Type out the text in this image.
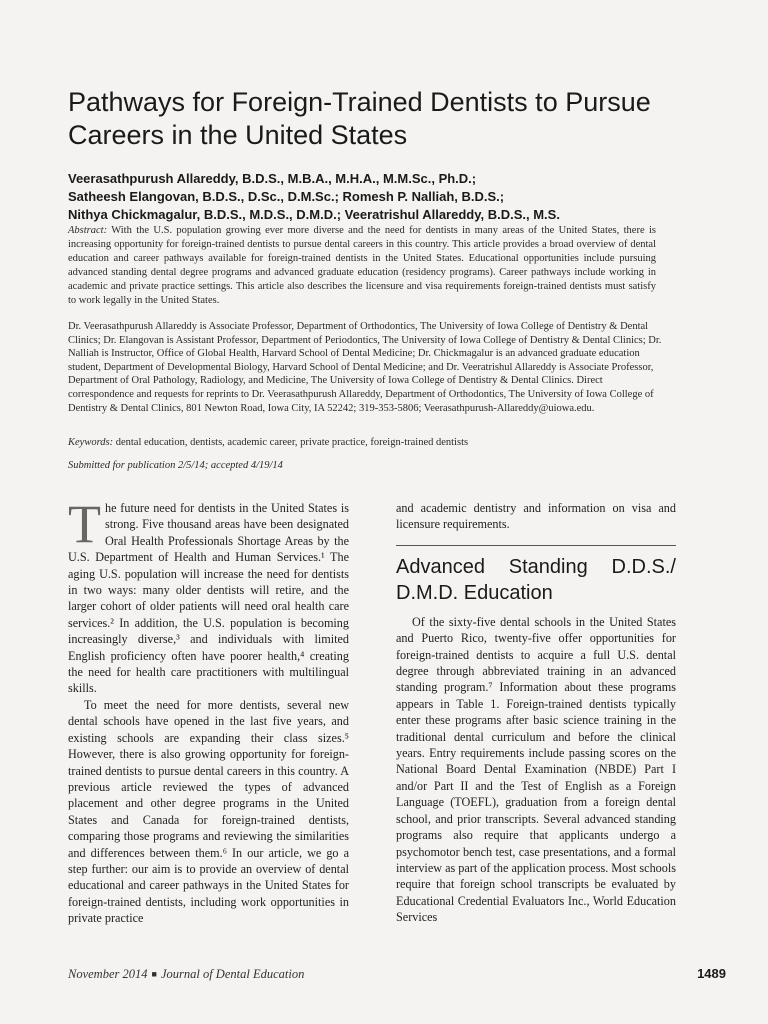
Pathways for Foreign-Trained Dentists to Pursue Careers in the United States
Veerasathpurush Allareddy, B.D.S., M.B.A., M.H.A., M.M.Sc., Ph.D.;
Satheesh Elangovan, B.D.S., D.Sc., D.M.Sc.; Romesh P. Nalliah, B.D.S.;
Nithya Chickmagalur, B.D.S., M.D.S., D.M.D.; Veeratrishul Allareddy, B.D.S., M.S.
Abstract: With the U.S. population growing ever more diverse and the need for dentists in many areas of the United States, there is increasing opportunity for foreign-trained dentists to pursue dental careers in this country. This article provides a broad overview of dental education and career pathways available for foreign-trained dentists in the United States. Educational opportunities include pursuing advanced standing dental degree programs and advanced graduate education (residency programs). Career pathways include working in academic and private practice settings. This article also describes the licensure and visa requirements foreign-trained dentists must satisfy to work legally in the United States.
Dr. Veerasathpurush Allareddy is Associate Professor, Department of Orthodontics, The University of Iowa College of Dentistry & Dental Clinics; Dr. Elangovan is Assistant Professor, Department of Periodontics, The University of Iowa College of Dentistry & Dental Clinics; Dr. Nalliah is Instructor, Office of Global Health, Harvard School of Dental Medicine; Dr. Chickmagalur is an advanced graduate education student, Department of Developmental Biology, Harvard School of Dental Medicine; and Dr. Veeratrishul Allareddy is Associate Professor, Department of Oral Pathology, Radiology, and Medicine, The University of Iowa College of Dentistry & Dental Clinics. Direct correspondence and requests for reprints to Dr. Veerasathpurush Allareddy, Department of Orthodontics, The University of Iowa College of Dentistry & Dental Clinics, 801 Newton Road, Iowa City, IA 52242; 319-353-5806; Veerasathpurush-Allareddy@uiowa.edu.
Keywords: dental education, dentists, academic career, private practice, foreign-trained dentists
Submitted for publication 2/5/14; accepted 4/19/14

The future need for dentists in the United States is strong. Five thousand areas have been designated Oral Health Professionals Shortage Areas by the U.S. Department of Health and Human Services.¹ The aging U.S. population will increase the need for dentists in two ways: many older dentists will retire, and the larger cohort of older patients will need oral health care services.² In addition, the U.S. population is becoming increasingly diverse,³ and individuals with limited English proficiency often have poorer health,⁴ creating the need for health care practitioners with multilingual skills.

To meet the need for more dentists, several new dental schools have opened in the last five years, and existing schools are expanding their class sizes.⁵ However, there is also growing opportunity for foreign-trained dentists to pursue dental careers in this country. A previous article reviewed the types of advanced placement and other degree programs in the United States and Canada for foreign-trained dentists, comparing those programs and reviewing the similarities and differences between them.⁶ In our article, we go a step further: our aim is to provide an overview of dental educational and career pathways in the United States for foreign-trained dentists, including work opportunities in private practice

and academic dentistry and information on visa and licensure requirements.

Advanced Standing D.D.S./ D.M.D. Education

Of the sixty-five dental schools in the United States and Puerto Rico, twenty-five offer opportunities for foreign-trained dentists to acquire a full U.S. dental degree through abbreviated training in an advanced standing program.⁷ Information about these programs appears in Table 1. Foreign-trained dentists typically enter these programs after basic science training in the traditional dental curriculum and before the clinical years. Entry requirements include passing scores on the National Board Dental Examination (NBDE) Part I and/or Part II and the Test of English as a Foreign Language (TOEFL), graduation from a foreign dental school, and prior transcripts. Several advanced standing programs also require that applicants undergo a psychomotor bench test, case presentations, and a formal interview as part of the application process. Most schools require that foreign school transcripts be evaluated by Educational Credential Evaluators Inc., World Education Services

November 2014 ■ Journal of Dental Education	1489
